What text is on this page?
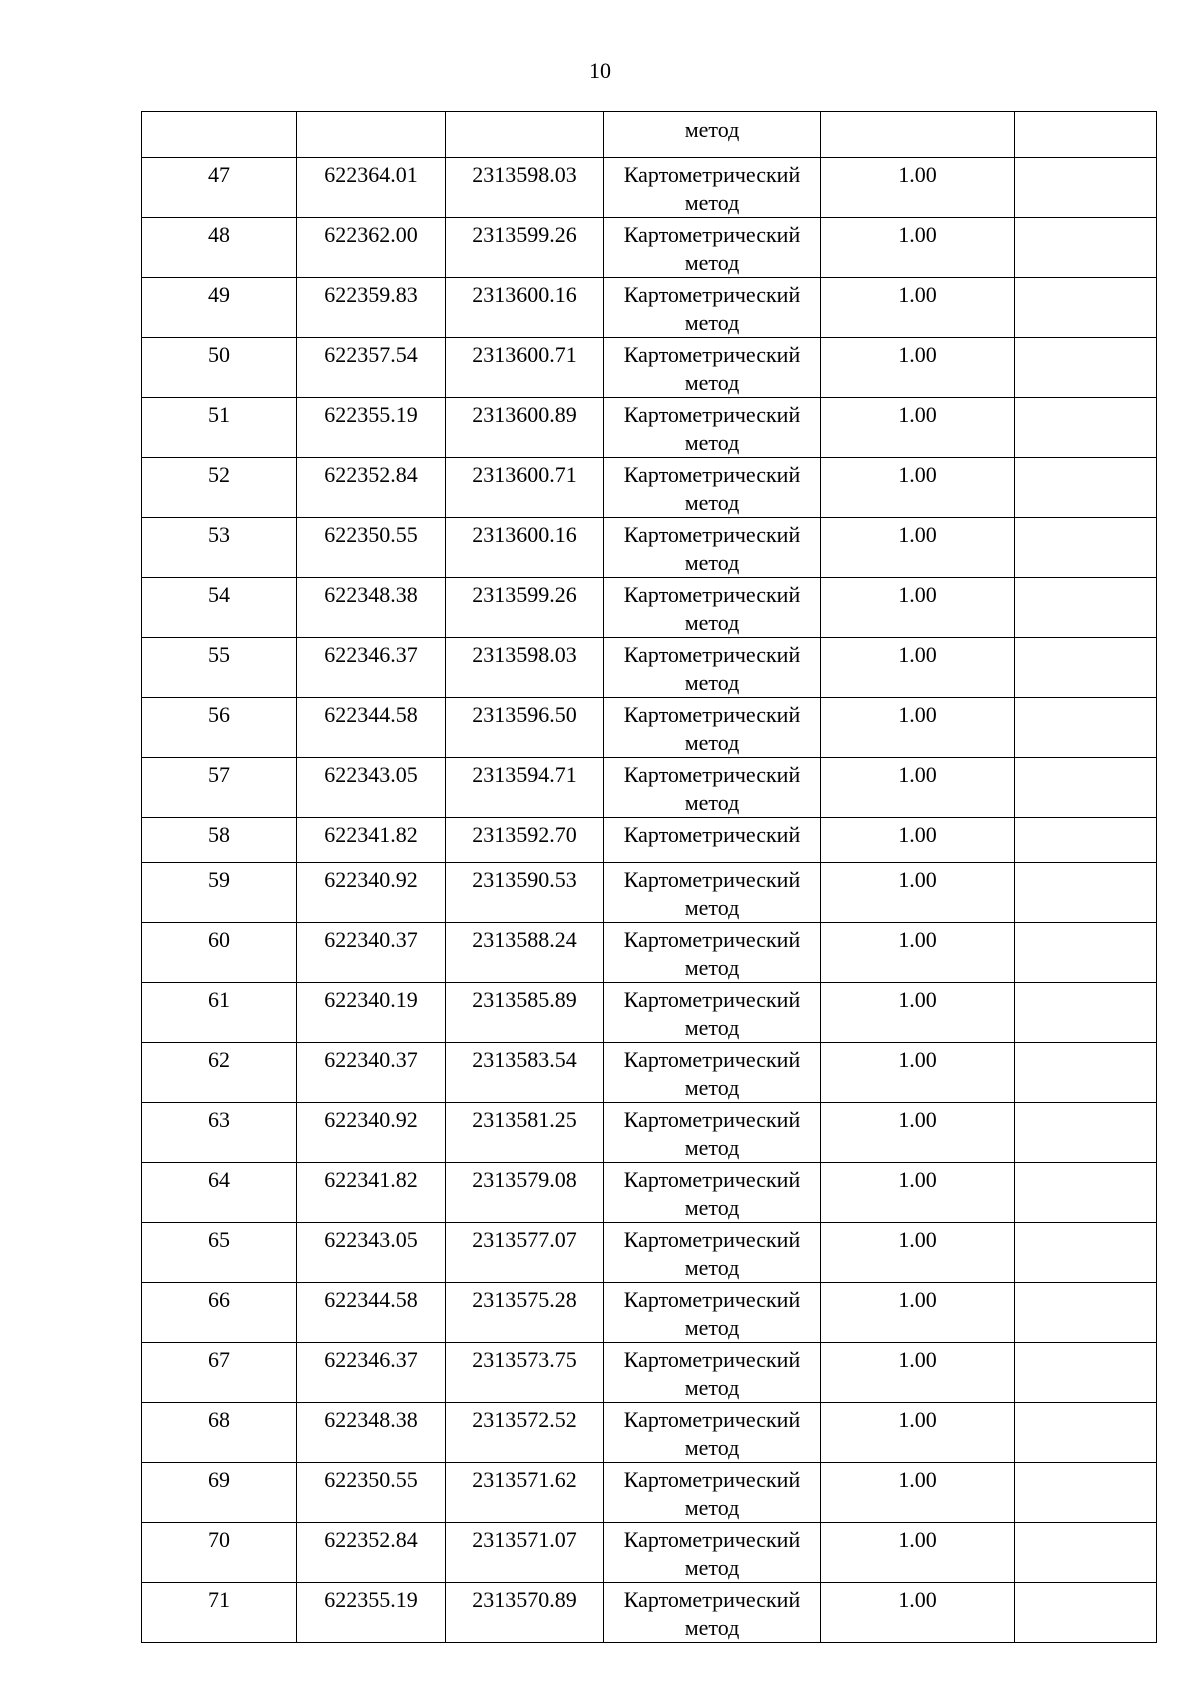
10

			метод		

47	622364.01	2313598.03	Картометрический
метод	1.00	

48	622362.00	2313599.26	Картометрический
метод	1.00	

49	622359.83	2313600.16	Картометрический
метод	1.00	

50	622357.54	2313600.71	Картометрический
метод	1.00	

51	622355.19	2313600.89	Картометрический
метод	1.00	

52	622352.84	2313600.71	Картометрический
метод	1.00	

53	622350.55	2313600.16	Картометрический
метод	1.00	

54	622348.38	2313599.26	Картометрический
метод	1.00	

55	622346.37	2313598.03	Картометрический
метод	1.00	

56	622344.58	2313596.50	Картометрический
метод	1.00	

57	622343.05	2313594.71	Картометрический
метод	1.00	

58	622341.82	2313592.70	Картометрический	1.00	

59	622340.92	2313590.53	Картометрический
метод	1.00	

60	622340.37	2313588.24	Картометрический
метод	1.00	

61	622340.19	2313585.89	Картометрический
метод	1.00	

62	622340.37	2313583.54	Картометрический
метод	1.00	

63	622340.92	2313581.25	Картометрический
метод	1.00	

64	622341.82	2313579.08	Картометрический
метод	1.00	

65	622343.05	2313577.07	Картометрический
метод	1.00	

66	622344.58	2313575.28	Картометрический
метод	1.00	

67	622346.37	2313573.75	Картометрический
метод	1.00	

68	622348.38	2313572.52	Картометрический
метод	1.00	

69	622350.55	2313571.62	Картометрический
метод	1.00	

70	622352.84	2313571.07	Картометрический
метод	1.00	

71	622355.19	2313570.89	Картометрический
метод	1.00	
